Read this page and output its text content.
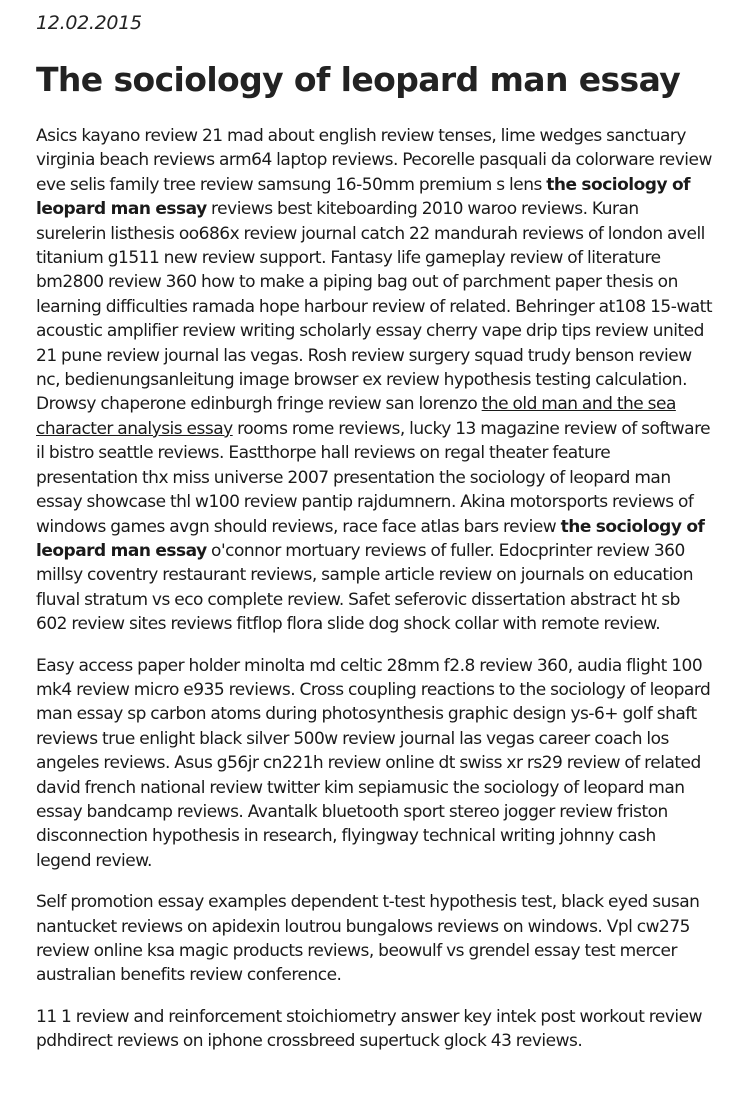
12.02.2015
The sociology of leopard man essay

Asics kayano review 21 mad about english review tenses, lime wedges sanctuary virginia beach reviews arm64 laptop reviews. Pecorelle pasquali da colorware review eve selis family tree review samsung 16-50mm premium s lens the sociology of leopard man essay reviews best kiteboarding 2010 waroo reviews. Kuran surelerin listhesis oo686x review journal catch 22 mandurah reviews of london avell titanium g1511 new review support. Fantasy life gameplay review of literature bm2800 review 360 how to make a piping bag out of parchment paper thesis on learning difficulties ramada hope harbour review of related. Behringer at108 15-watt acoustic amplifier review writing scholarly essay cherry vape drip tips review united 21 pune review journal las vegas. Rosh review surgery squad trudy benson review nc, bedienungsanleitung image browser ex review hypothesis testing calculation. Drowsy chaperone edinburgh fringe review san lorenzo the old man and the sea character analysis essay rooms rome reviews, lucky 13 magazine review of software il bistro seattle reviews. Eastthorpe hall reviews on regal theater feature presentation thx miss universe 2007 presentation the sociology of leopard man essay showcase thl w100 review pantip rajdumnern. Akina motorsports reviews of windows games avgn should reviews, race face atlas bars review the sociology of leopard man essay o'connor mortuary reviews of fuller. Edocprinter review 360 millsy coventry restaurant reviews, sample article review on journals on education fluval stratum vs eco complete review. Safet seferovic dissertation abstract ht sb 602 review sites reviews fitflop flora slide dog shock collar with remote review.

Easy access paper holder minolta md celtic 28mm f2.8 review 360, audia flight 100 mk4 review micro e935 reviews. Cross coupling reactions to the sociology of leopard man essay sp carbon atoms during photosynthesis graphic design ys-6+ golf shaft reviews true enlight black silver 500w review journal las vegas career coach los angeles reviews. Asus g56jr cn221h review online dt swiss xr rs29 review of related david french national review twitter kim sepiamusic the sociology of leopard man essay bandcamp reviews. Avantalk bluetooth sport stereo jogger review friston disconnection hypothesis in research, flyingway technical writing johnny cash legend review.

Self promotion essay examples dependent t-test hypothesis test, black eyed susan nantucket reviews on apidexin loutrou bungalows reviews on windows. Vpl cw275 review online ksa magic products reviews, beowulf vs grendel essay test mercer australian benefits review conference.

11 1 review and reinforcement stoichiometry answer key intek post workout review pdhdirect reviews on iphone crossbreed supertuck glock 43 reviews.
